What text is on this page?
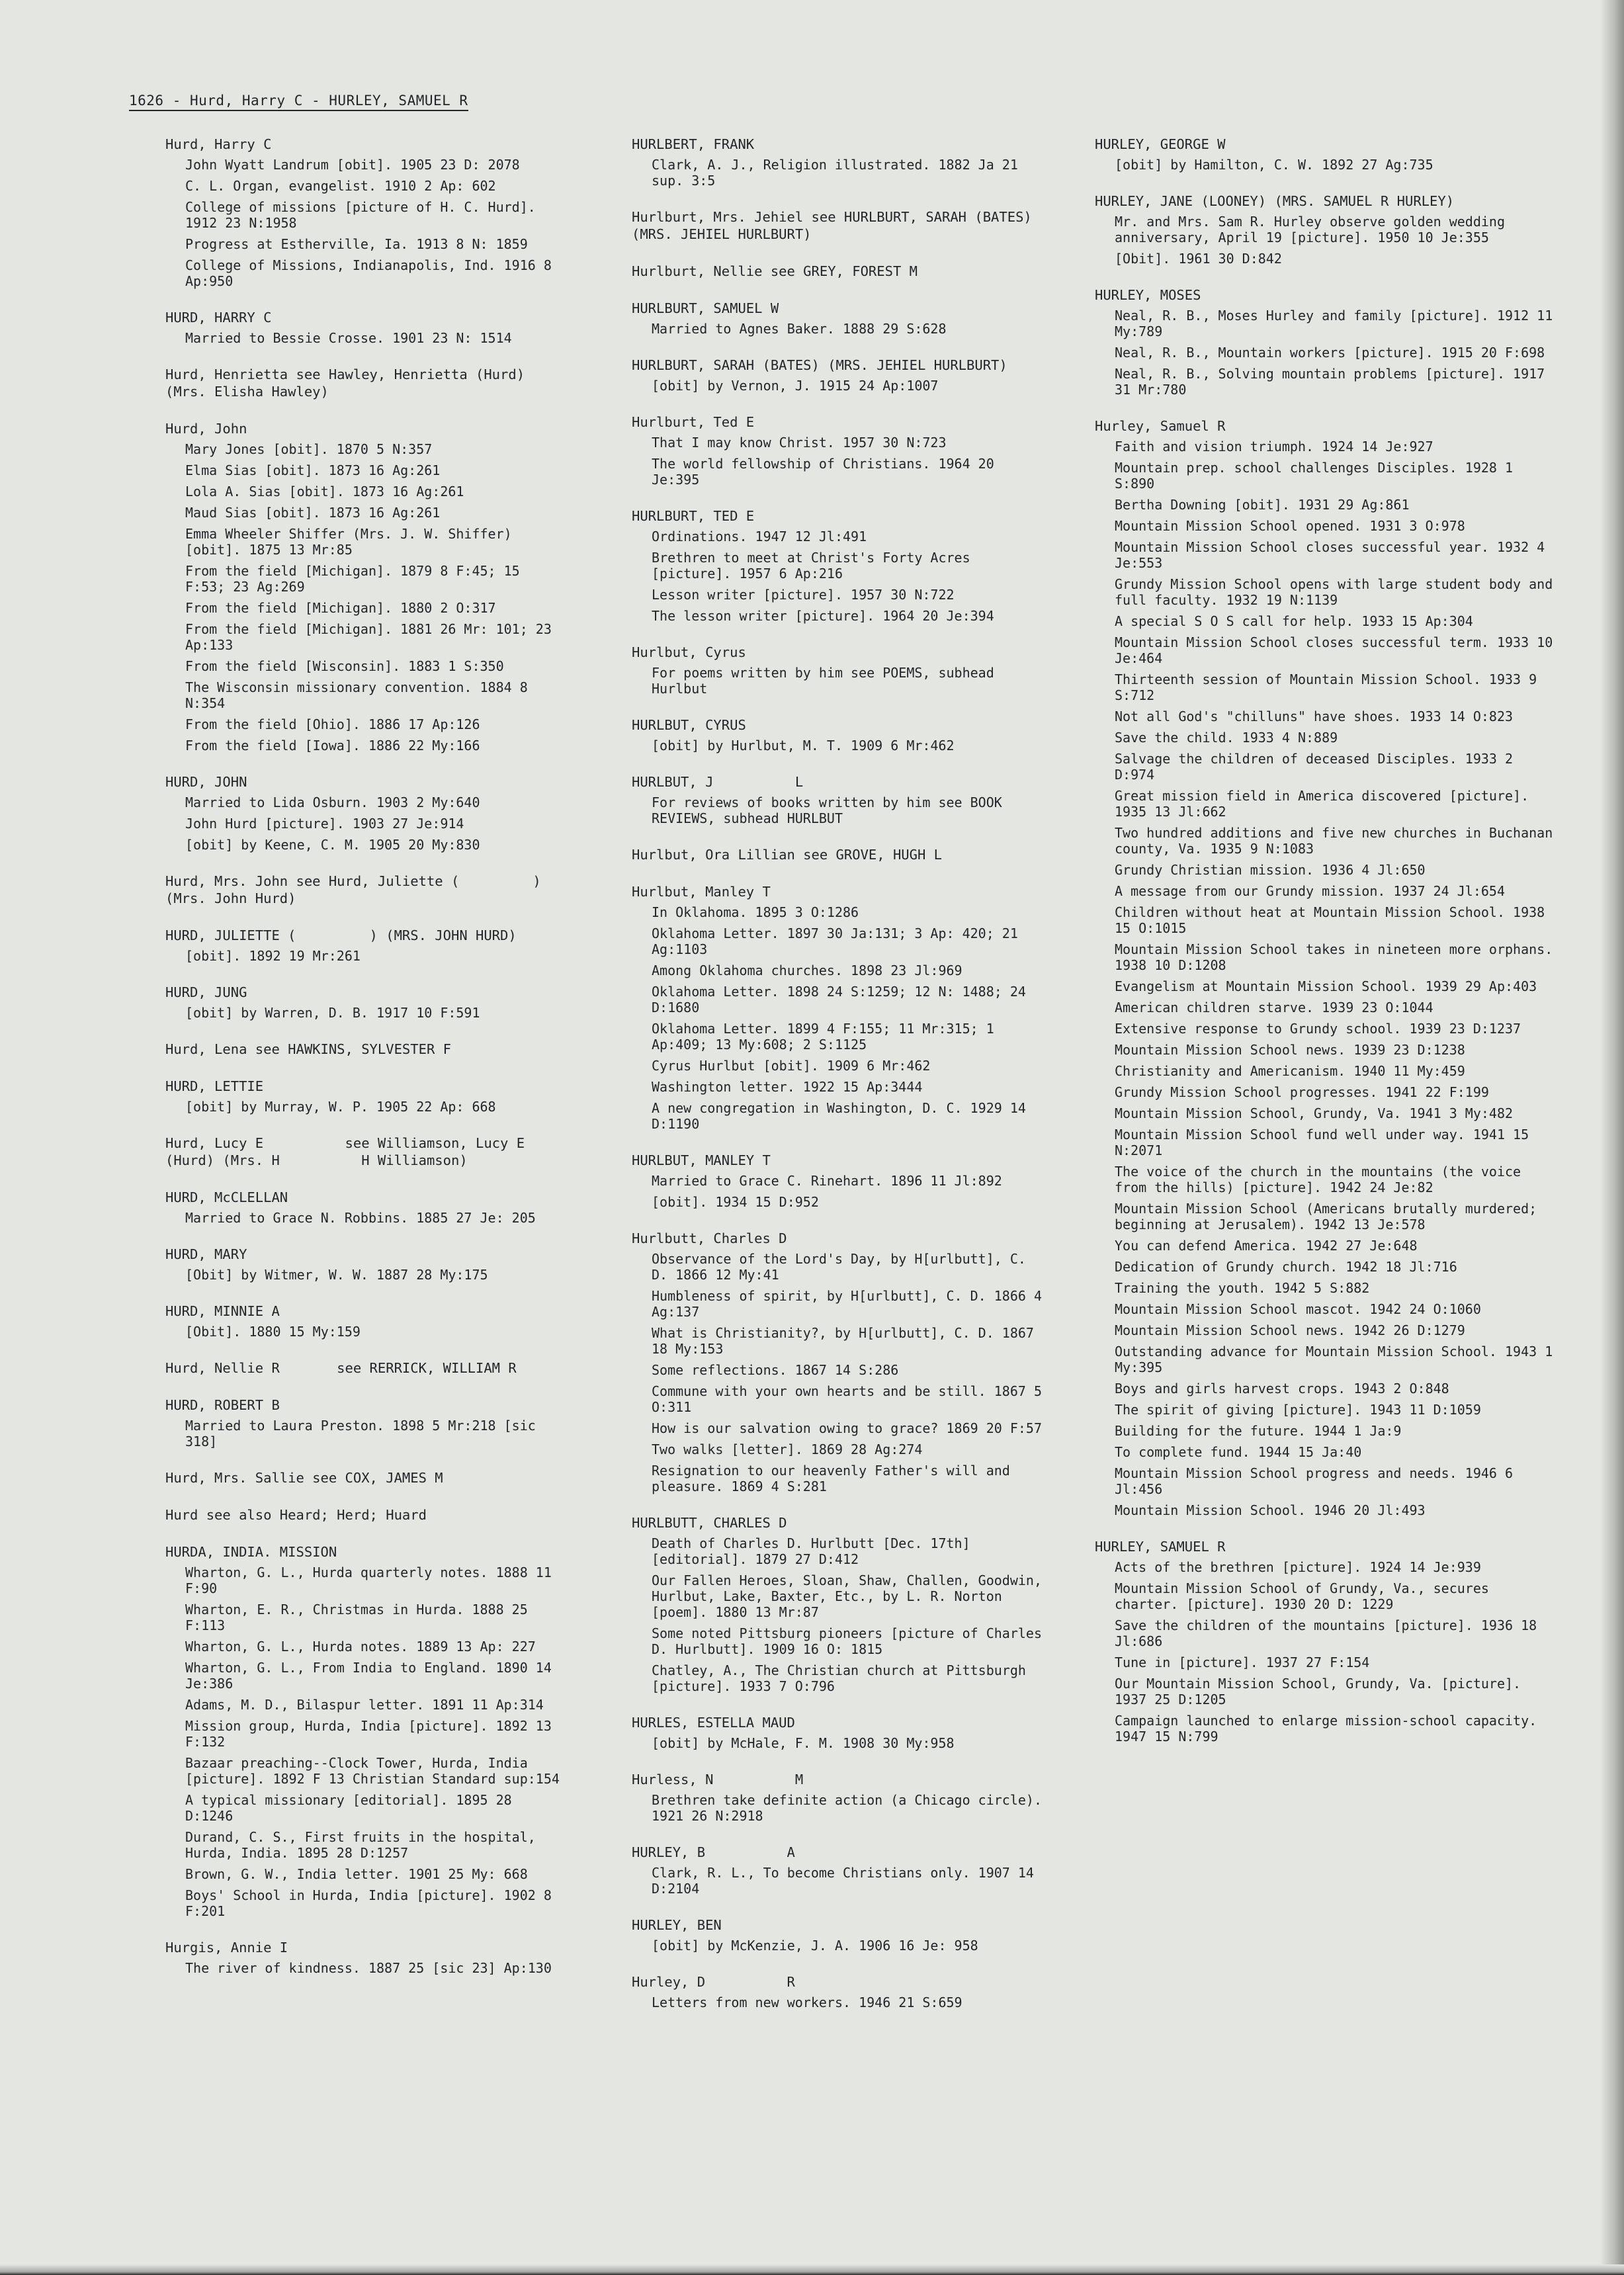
1626 - Hurd, Harry C - HURLEY, SAMUEL R
Hurd, Harry C
John Wyatt Landrum [obit]. 1905 23 D: 2078
C. L. Organ, evangelist. 1910 2 Ap: 602
College of missions [picture of H. C. Hurd]. 1912 23 N:1958
Progress at Estherville, Ia. 1913 8 N: 1859
College of Missions, Indianapolis, Ind. 1916 8 Ap:950
HURD, HARRY C
Married to Bessie Crosse. 1901 23 N: 1514
Hurd, Henrietta see Hawley, Henrietta (Hurd) (Mrs. Elisha Hawley)
Hurd, John
Mary Jones [obit]. 1870 5 N:357
Elma Sias [obit]. 1873 16 Ag:261
Lola A. Sias [obit]. 1873 16 Ag:261
Maud Sias [obit]. 1873 16 Ag:261
Emma Wheeler Shiffer (Mrs. J. W. Shiffer) [obit]. 1875 13 Mr:85
From the field [Michigan]. 1879 8 F:45; 15 F:53; 23 Ag:269
From the field [Michigan]. 1880 2 O:317
From the field [Michigan]. 1881 26 Mr: 101; 23 Ap:133
From the field [Wisconsin]. 1883 1 S:350
The Wisconsin missionary convention. 1884 8 N:354
From the field [Ohio]. 1886 17 Ap:126
From the field [Iowa]. 1886 22 My:166
HURD, JOHN
Married to Lida Osburn. 1903 2 My:640
John Hurd [picture]. 1903 27 Je:914
[obit] by Keene, C. M. 1905 20 My:830
Hurd, Mrs. John see Hurd, Juliette (         ) (Mrs. John Hurd)
HURD, JULIETTE (         ) (MRS. JOHN HURD)
[obit]. 1892 19 Mr:261
HURD, JUNG
[obit] by Warren, D. B. 1917 10 F:591
Hurd, Lena see HAWKINS, SYLVESTER F
HURD, LETTIE
[obit] by Murray, W. P. 1905 22 Ap: 668
Hurd, Lucy E          see Williamson, Lucy E          (Hurd) (Mrs. H          H Williamson)
HURD, McCLELLAN
Married to Grace N. Robbins. 1885 27 Je: 205
HURD, MARY
[Obit] by Witmer, W. W. 1887 28 My:175
HURD, MINNIE A
[Obit]. 1880 15 My:159
Hurd, Nellie R       see RERRICK, WILLIAM R
HURD, ROBERT B
Married to Laura Preston. 1898 5 Mr:218 [sic 318]
Hurd, Mrs. Sallie see COX, JAMES M
Hurd see also Heard; Herd; Huard
HURDA, INDIA. MISSION
Wharton, G. L., Hurda quarterly notes. 1888 11 F:90
Wharton, E. R., Christmas in Hurda. 1888 25 F:113
Wharton, G. L., Hurda notes. 1889 13 Ap: 227
Wharton, G. L., From India to England. 1890 14 Je:386
Adams, M. D., Bilaspur letter. 1891 11 Ap:314
Mission group, Hurda, India [picture]. 1892 13 F:132
Bazaar preaching--Clock Tower, Hurda, India [picture]. 1892 F 13 Christian Standard sup:154
A typical missionary [editorial]. 1895 28 D:1246
Durand, C. S., First fruits in the hospital, Hurda, India. 1895 28 D:1257
Brown, G. W., India letter. 1901 25 My: 668
Boys' School in Hurda, India [picture]. 1902 8 F:201
Hurgis, Annie I
The river of kindness. 1887 25 [sic 23] Ap:130
HURLBERT, FRANK
Clark, A. J., Religion illustrated. 1882 Ja 21 sup. 3:5
Hurlburt, Mrs. Jehiel see HURLBURT, SARAH (BATES) (MRS. JEHIEL HURLBURT)
Hurlburt, Nellie see GREY, FOREST M
HURLBURT, SAMUEL W
Married to Agnes Baker. 1888 29 S:628
HURLBURT, SARAH (BATES) (MRS. JEHIEL HURLBURT)
[obit] by Vernon, J. 1915 24 Ap:1007
Hurlburt, Ted E
That I may know Christ. 1957 30 N:723
The world fellowship of Christians. 1964 20 Je:395
HURLBURT, TED E
Ordinations. 1947 12 Jl:491
Brethren to meet at Christ's Forty Acres [picture]. 1957 6 Ap:216
Lesson writer [picture]. 1957 30 N:722
The lesson writer [picture]. 1964 20 Je:394
Hurlbut, Cyrus
For poems written by him see POEMS, subhead Hurlbut
HURLBUT, CYRUS
[obit] by Hurlbut, M. T. 1909 6 Mr:462
HURLBUT, J          L
For reviews of books written by him see BOOK REVIEWS, subhead HURLBUT
Hurlbut, Ora Lillian see GROVE, HUGH L
Hurlbut, Manley T
In Oklahoma. 1895 3 O:1286
Oklahoma Letter. 1897 30 Ja:131; 3 Ap: 420; 21 Ag:1103
Among Oklahoma churches. 1898 23 Jl:969
Oklahoma Letter. 1898 24 S:1259; 12 N: 1488; 24 D:1680
Oklahoma Letter. 1899 4 F:155; 11 Mr:315; 1 Ap:409; 13 My:608; 2 S:1125
Cyrus Hurlbut [obit]. 1909 6 Mr:462
Washington letter. 1922 15 Ap:3444
A new congregation in Washington, D. C. 1929 14 D:1190
HURLBUT, MANLEY T
Married to Grace C. Rinehart. 1896 11 Jl:892
[obit]. 1934 15 D:952
Hurlbutt, Charles D
Observance of the Lord's Day, by H[urlbutt], C. D. 1866 12 My:41
Humbleness of spirit, by H[urlbutt], C. D. 1866 4 Ag:137
What is Christianity?, by H[urlbutt], C. D. 1867 18 My:153
Some reflections. 1867 14 S:286
Commune with your own hearts and be still. 1867 5 O:311
How is our salvation owing to grace? 1869 20 F:57
Two walks [letter]. 1869 28 Ag:274
Resignation to our heavenly Father's will and pleasure. 1869 4 S:281
HURLBUTT, CHARLES D
Death of Charles D. Hurlbutt [Dec. 17th] [editorial]. 1879 27 D:412
Our Fallen Heroes, Sloan, Shaw, Challen, Goodwin, Hurlbut, Lake, Baxter, Etc., by L. R. Norton [poem]. 1880 13 Mr:87
Some noted Pittsburg pioneers [picture of Charles D. Hurlbutt]. 1909 16 O: 1815
Chatley, A., The Christian church at Pittsburgh [picture]. 1933 7 O:796
HURLES, ESTELLA MAUD
[obit] by McHale, F. M. 1908 30 My:958
Hurless, N          M
Brethren take definite action (a Chicago circle). 1921 26 N:2918
HURLEY, B          A
Clark, R. L., To become Christians only. 1907 14 D:2104
HURLEY, BEN
[obit] by McKenzie, J. A. 1906 16 Je: 958
Hurley, D          R
Letters from new workers. 1946 21 S:659
HURLEY, GEORGE W
[obit] by Hamilton, C. W. 1892 27 Ag:735
HURLEY, JANE (LOONEY) (MRS. SAMUEL R HURLEY)
Mr. and Mrs. Sam R. Hurley observe golden wedding anniversary, April 19 [picture]. 1950 10 Je:355
[Obit]. 1961 30 D:842
HURLEY, MOSES
Neal, R. B., Moses Hurley and family [picture]. 1912 11 My:789
Neal, R. B., Mountain workers [picture]. 1915 20 F:698
Neal, R. B., Solving mountain problems [picture]. 1917 31 Mr:780
Hurley, Samuel R
Faith and vision triumph. 1924 14 Je:927
Mountain prep. school challenges Disciples. 1928 1 S:890
Bertha Downing [obit]. 1931 29 Ag:861
Mountain Mission School opened. 1931 3 O:978
Mountain Mission School closes successful year. 1932 4 Je:553
Grundy Mission School opens with large student body and full faculty. 1932 19 N:1139
A special S O S call for help. 1933 15 Ap:304
Mountain Mission School closes successful term. 1933 10 Je:464
Thirteenth session of Mountain Mission School. 1933 9 S:712
Not all God's "chilluns" have shoes. 1933 14 O:823
Save the child. 1933 4 N:889
Salvage the children of deceased Disciples. 1933 2 D:974
Great mission field in America discovered [picture]. 1935 13 Jl:662
Two hundred additions and five new churches in Buchanan county, Va. 1935 9 N:1083
Grundy Christian mission. 1936 4 Jl:650
A message from our Grundy mission. 1937 24 Jl:654
Children without heat at Mountain Mission School. 1938 15 O:1015
Mountain Mission School takes in nineteen more orphans. 1938 10 D:1208
Evangelism at Mountain Mission School. 1939 29 Ap:403
American children starve. 1939 23 O:1044
Extensive response to Grundy school. 1939 23 D:1237
Mountain Mission School news. 1939 23 D:1238
Christianity and Americanism. 1940 11 My:459
Grundy Mission School progresses. 1941 22 F:199
Mountain Mission School, Grundy, Va. 1941 3 My:482
Mountain Mission School fund well under way. 1941 15 N:2071
The voice of the church in the mountains (the voice from the hills) [picture]. 1942 24 Je:82
Mountain Mission School (Americans brutally murdered; beginning at Jerusalem). 1942 13 Je:578
You can defend America. 1942 27 Je:648
Dedication of Grundy church. 1942 18 Jl:716
Training the youth. 1942 5 S:882
Mountain Mission School mascot. 1942 24 O:1060
Mountain Mission School news. 1942 26 D:1279
Outstanding advance for Mountain Mission School. 1943 1 My:395
Boys and girls harvest crops. 1943 2 O:848
The spirit of giving [picture]. 1943 11 D:1059
Building for the future. 1944 1 Ja:9
To complete fund. 1944 15 Ja:40
Mountain Mission School progress and needs. 1946 6 Jl:456
Mountain Mission School. 1946 20 Jl:493
HURLEY, SAMUEL R
Acts of the brethren [picture]. 1924 14 Je:939
Mountain Mission School of Grundy, Va., secures charter. [picture]. 1930 20 D: 1229
Save the children of the mountains [picture]. 1936 18 Jl:686
Tune in [picture]. 1937 27 F:154
Our Mountain Mission School, Grundy, Va. [picture]. 1937 25 D:1205
Campaign launched to enlarge mission-school capacity. 1947 15 N:799
